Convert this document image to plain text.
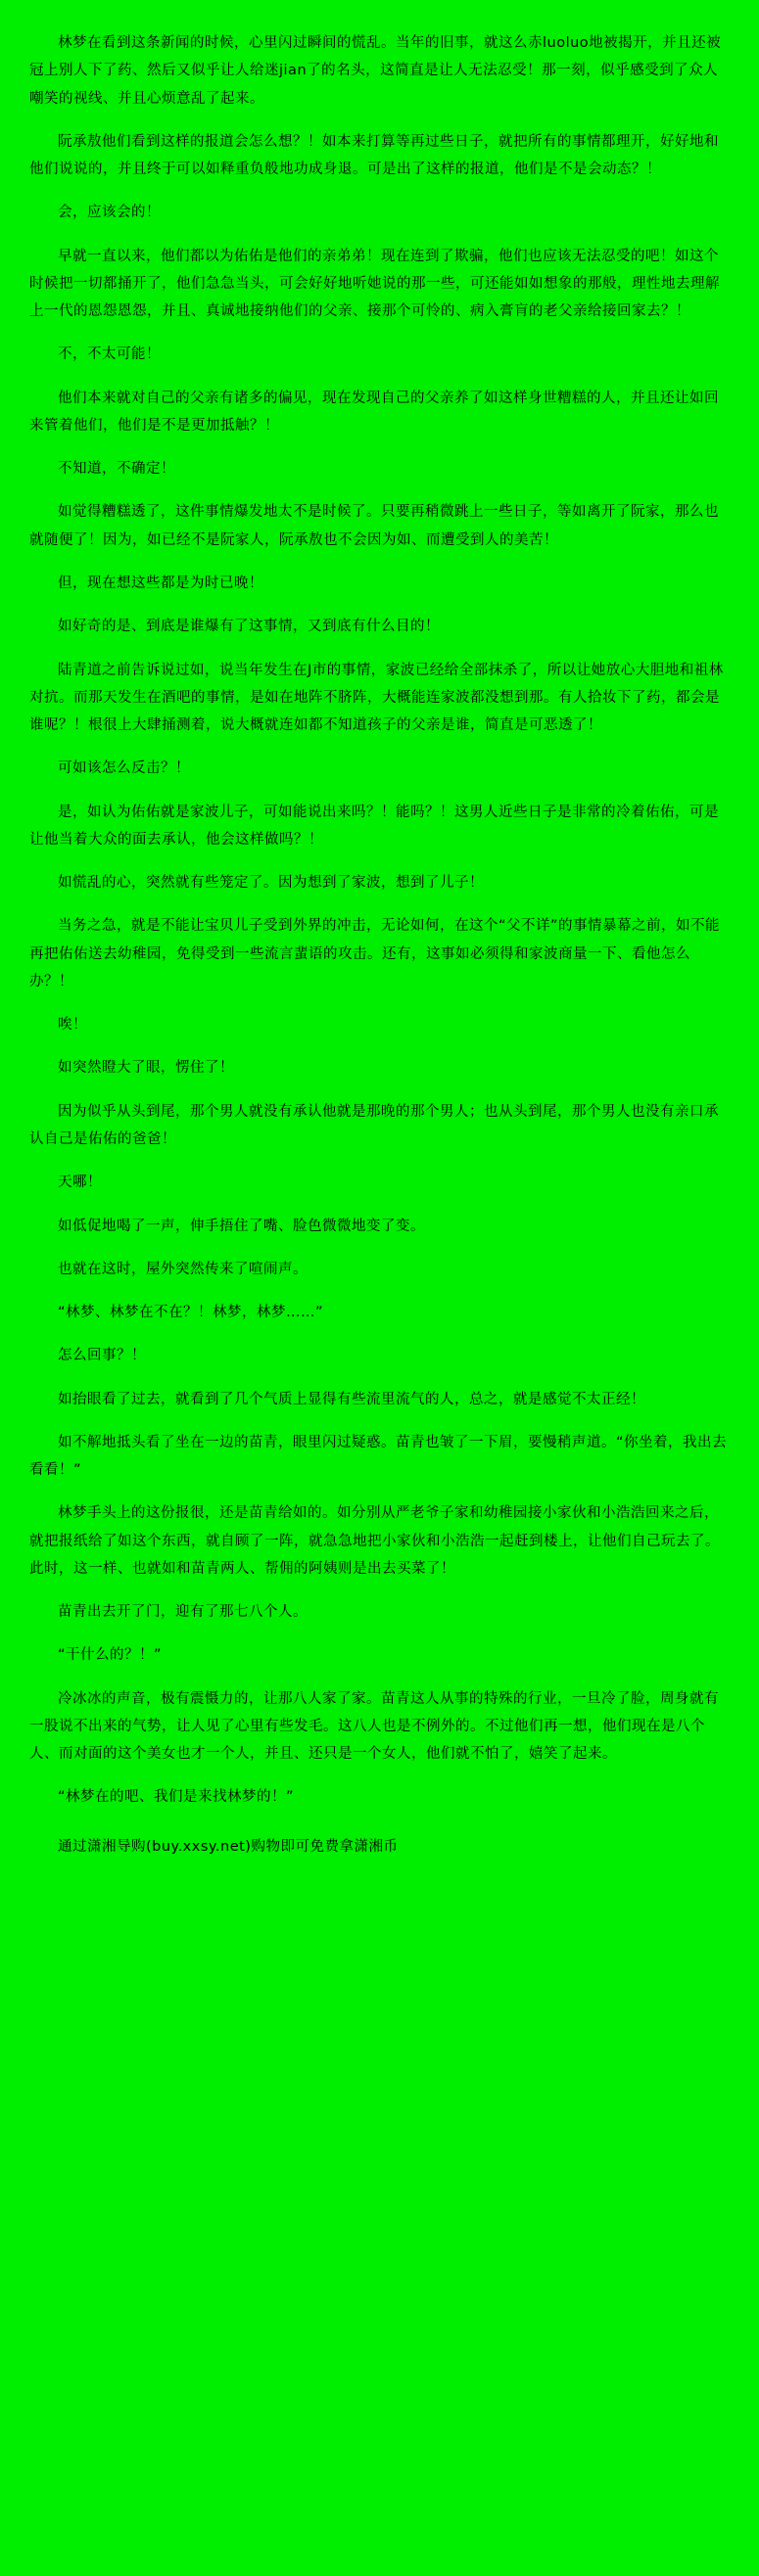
林梦在看到这条新闻的时候，心里闪过瞬间的慌乱。当年的旧事，就这么赤luoluo地被揭开，并且还被冠上别人下了药、然后又似乎让人给迷jian了的名头，这简直是让人无法忍受！那一刻，似乎感受到了众人嘲笑的视线、并且心烦意乱了起来。

阮承敖他们看到这样的报道会怎么想？！如本来打算等再过些日子，就把所有的事情都理开，好好地和他们说说的，并且终于可以如释重负般地功成身退。可是出了这样的报道，他们是不是会动态？！

会，应该会的！

早就一直以来，他们都以为佑佑是他们的亲弟弟！现在连到了欺骗，他们也应该无法忍受的吧！如这个时候把一切都捅开了，他们急急当头，可会好好地听她说的那一些，可还能如如想象的那般，理性地去理解上一代的恩怨恩怨，并且、真诚地接纳他们的父亲、接那个可怜的、病入膏肓的老父亲给接回家去？！

不，不太可能！

他们本来就对自己的父亲有诸多的偏见，现在发现自己的父亲养了如这样身世糟糕的人，并且还让如回来管着他们，他们是不是更加抵触？！

不知道，不确定！

如觉得糟糕透了，这件事情爆发地太不是时候了。只要再稍微跳上一些日子，等如离开了阮家，那么也就随便了！因为，如已经不是阮家人，阮承敖也不会因为如、而遭受到人的美苦！

但，现在想这些都是为时已晚！

如好奇的是、到底是谁爆有了这事情，又到底有什么目的！

陆青道之前告诉说过如，说当年发生在J市的事情，家波已经给全部抹杀了，所以让她放心大胆地和祖林对抗。而那天发生在酒吧的事情，是如在地阵不脐阵，大概能连家波都没想到那。有人拾妆下了药，都会是谁呢？！根很上大肆捅测着，说大概就连如都不知道孩子的父亲是谁，简直是可恶透了！

可如该怎么反击？！

是，如认为佑佑就是家波儿子，可如能说出来吗？！能吗？！这男人近些日子是非常的冷着佑佑，可是让他当着大众的面去承认，他会这样做吗？！

如慌乱的心，突然就有些笼定了。因为想到了家波，想到了儿子！

当务之急，就是不能让宝贝儿子受到外界的冲击，无论如何，在这个“父不详”的事情暴幕之前，如不能再把佑佑送去幼稚园，免得受到一些流言蜚语的攻击。还有，这事如必须得和家波商量一下、看他怎么办？！

唉！

如突然瞪大了眼，愣住了！

因为似乎从头到尾，那个男人就没有承认他就是那晚的那个男人；也从头到尾，那个男人也没有亲口承认自己是佑佑的爸爸！

天哪！

如低促地喝了一声，伸手捂住了嘴、脸色微微地变了变。

也就在这时，屋外突然传来了喧闹声。

“林梦、林梦在不在？！林梦，林梦……”

怎么回事？！

如抬眼看了过去，就看到了几个气质上显得有些流里流气的人，总之，就是感觉不太正经！

如不解地抵头看了坐在一边的苗青，眼里闪过疑惑。苗青也皱了一下眉，要慢稍声道。“你坐着，我出去看看！”

林梦手头上的这份报很，还是苗青给如的。如分别从严老爷子家和幼稚园接小家伙和小浩浩回来之后，就把报纸给了如这个东西，就自顾了一阵，就急急地把小家伙和小浩浩一起赶到楼上，让他们自己玩去了。此时，这一样、也就如和苗青两人、帮佣的阿姨则是出去买菜了！

苗青出去开了门，迎有了那七八个人。

“干什么的？！”

冷冰冰的声音，极有震慑力的，让那八人家了家。苗青这人从事的特殊的行业，一旦冷了脸，周身就有一股说不出来的气势，让人见了心里有些发毛。这八人也是不例外的。不过他们再一想，他们现在是八个人、而对面的这个美女也才一个人，并且、还只是一个女人，他们就不怕了，嬉笑了起来。

“林梦在的吧、我们是来找林梦的！”

通过潇湘导购(buy.xxsy.net)购物即可免费拿潇湘币
